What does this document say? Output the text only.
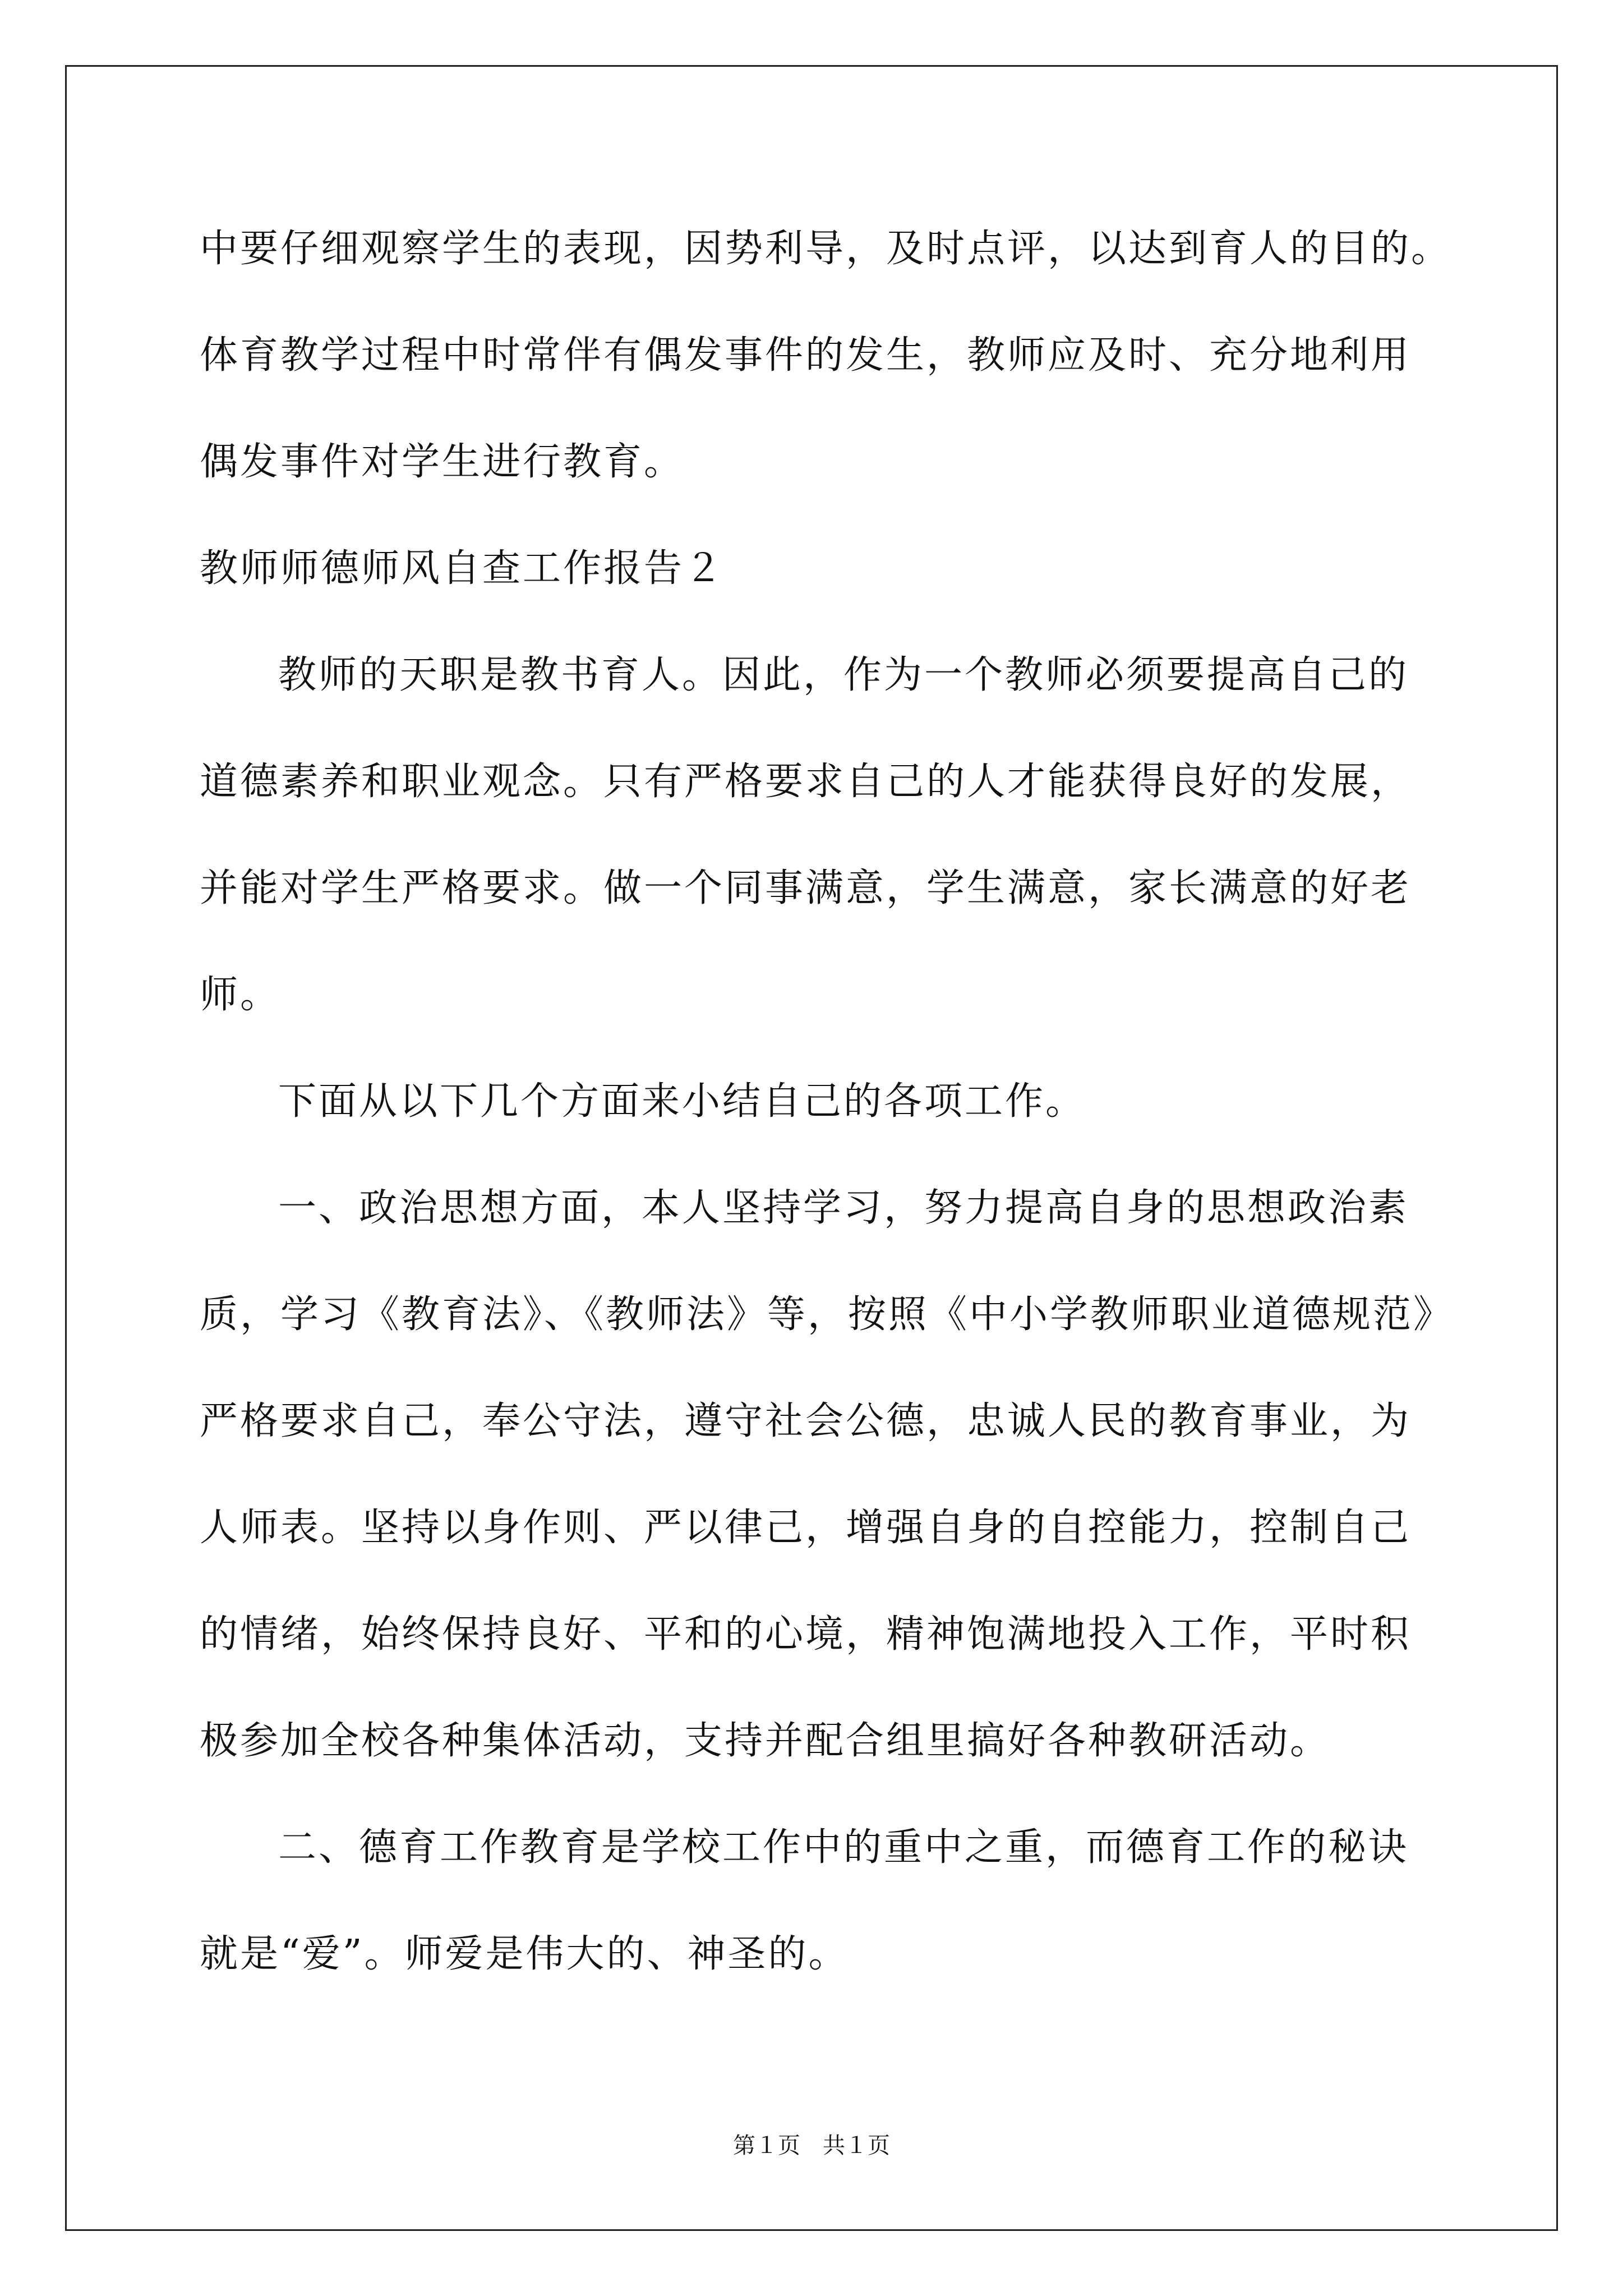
中要仔细观察学生的表现，因势利导，及时点评，以达到育人的目的。
体育教学过程中时常伴有偶发事件的发生，教师应及时、充分地利用
偶发事件对学生进行教育。
教师师德师风自查工作报告２
教师的天职是教书育人。因此，作为一个教师必须要提高自己的
道德素养和职业观念。只有严格要求自己的人才能获得良好的发展，
并能对学生严格要求。做一个同事满意，学生满意，家长满意的好老
师。
下面从以下几个方面来小结自己的各项工作。
一、政治思想方面，本人坚持学习，努力提高自身的思想政治素
质，学习《教育法》、《教师法》等，按照《中小学教师职业道德规范》
严格要求自己，奉公守法，遵守社会公德，忠诚人民的教育事业，为
人师表。坚持以身作则、严以律己，增强自身的自控能力，控制自己
的情绪，始终保持良好、平和的心境，精神饱满地投入工作，平时积
极参加全校各种集体活动，支持并配合组里搞好各种教研活动。
二、德育工作教育是学校工作中的重中之重，而德育工作的秘诀
就是“爱”。师爱是伟大的、神圣的。
第１页　共１页
